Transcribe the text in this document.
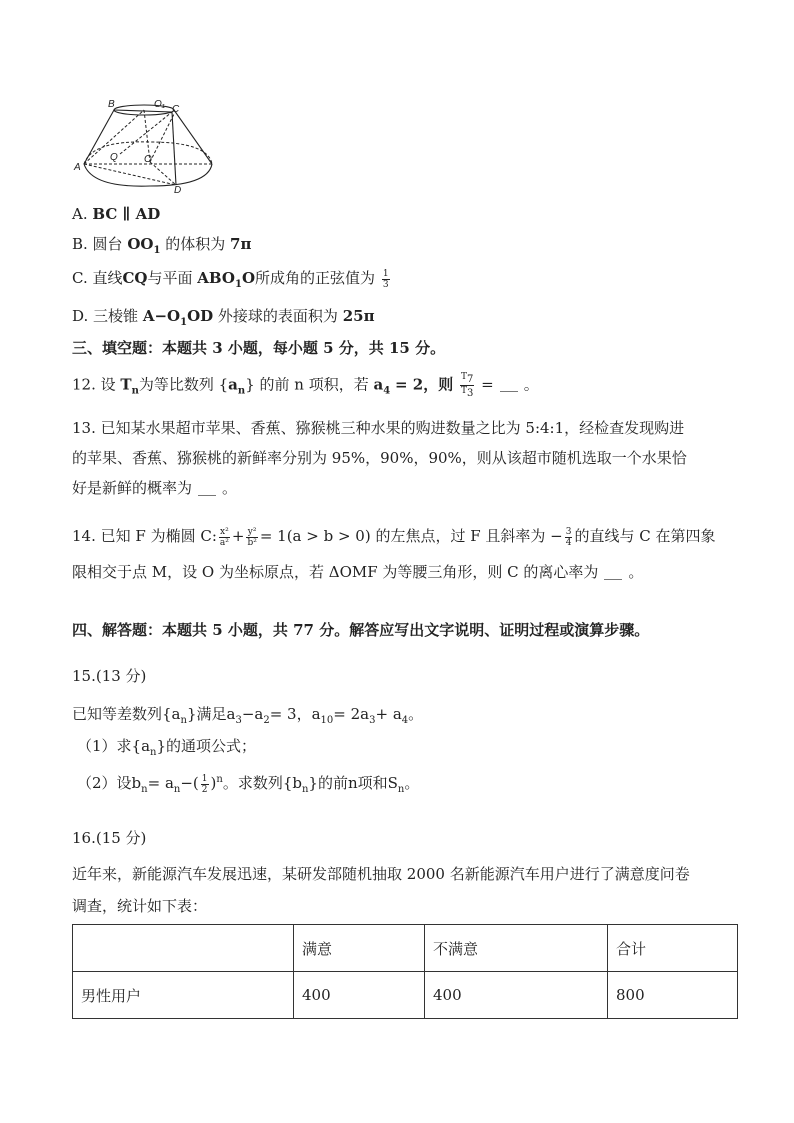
B	O₁ C
A
Q	O
D
A. BC ∥ AD
B. 圆台 $OO_1$ 的体积为 7π
C. 直线CQ与平面 $ABO_1O$所成角的正弦值为 $\frac{1}{3}$
D. 三棱锥 $A-O_1OD$ 外接球的表面积为 25π
三、填空题：本题共 3 小题，每小题 5 分，共 15 分。
12. 设 $T_n$为等比数列 $\{a_n\}$ 的前 n 项积，若 $a_4 = 2$，则 $\frac{T_7}{T_3}$ = 。
13. 已知某水果超市苹果、香蕉、猕猴桃三种水果的购进数量之比为 5:4:1，经检查发现购进
的苹果、香蕉、猕猴桃的新鲜率分别为 95%，90%，90%，则从该超市随机选取一个水果恰
好是新鲜的概率为 。
14. 已知 F 为椭圆 C: $\frac{\text{x²}}{\text{a²}} + \frac{\text{y²}}{\text{b²}} = 1(a > b > 0)$ 的左焦点，过 F 且斜率为 − $\frac{3}{4}$ 的直线与 C 在第四象
限相交于点 M，设 O 为坐标原点，若 ΔOMF 为等腰三角形，则 C 的离心率为 。
四、解答题：本题共 5 小题，共 77 分。解答应写出文字说明、证明过程或演算步骤。
15.(13 分)
已知等差数列$\{a_n\}$满足$a_3-a_2= 3$，$a_{10}= 2a_3+ a_4$。
（1）求$\{a_n\}$的通项公式；
（2）设$b_n= a_n-( \frac{1}{2} )^n$。求数列$\{b_n\}$的前n项和$S_n$。
16.(15 分)
近年来，新能源汽车发展迅速，某研发部随机抽取 2000 名新能源汽车用户进行了满意度问卷
调查，统计如下表：
	满意	不满意	合计
男性用户	400	400	800
